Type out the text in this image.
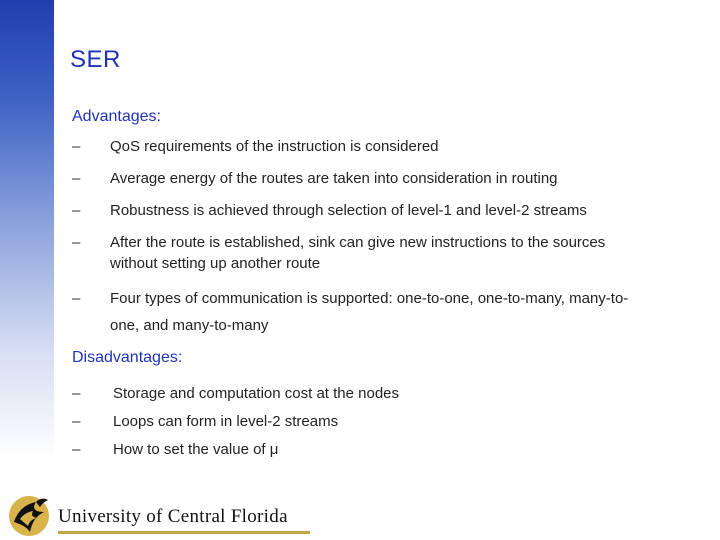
SER
Advantages:
– QoS requirements of the instruction is considered
– Average energy of the routes are taken into consideration in routing
– Robustness is achieved through selection of level-1 and level-2 streams
– After the route is established, sink can give new instructions to the sources without setting up another route
– Four types of communication is supported: one-to-one, one-to-many, many-to-one, and many-to-many
Disadvantages:
– Storage and computation cost at the nodes
– Loops can form in level-2 streams
– How to set the value of μ
University of Central Florida
